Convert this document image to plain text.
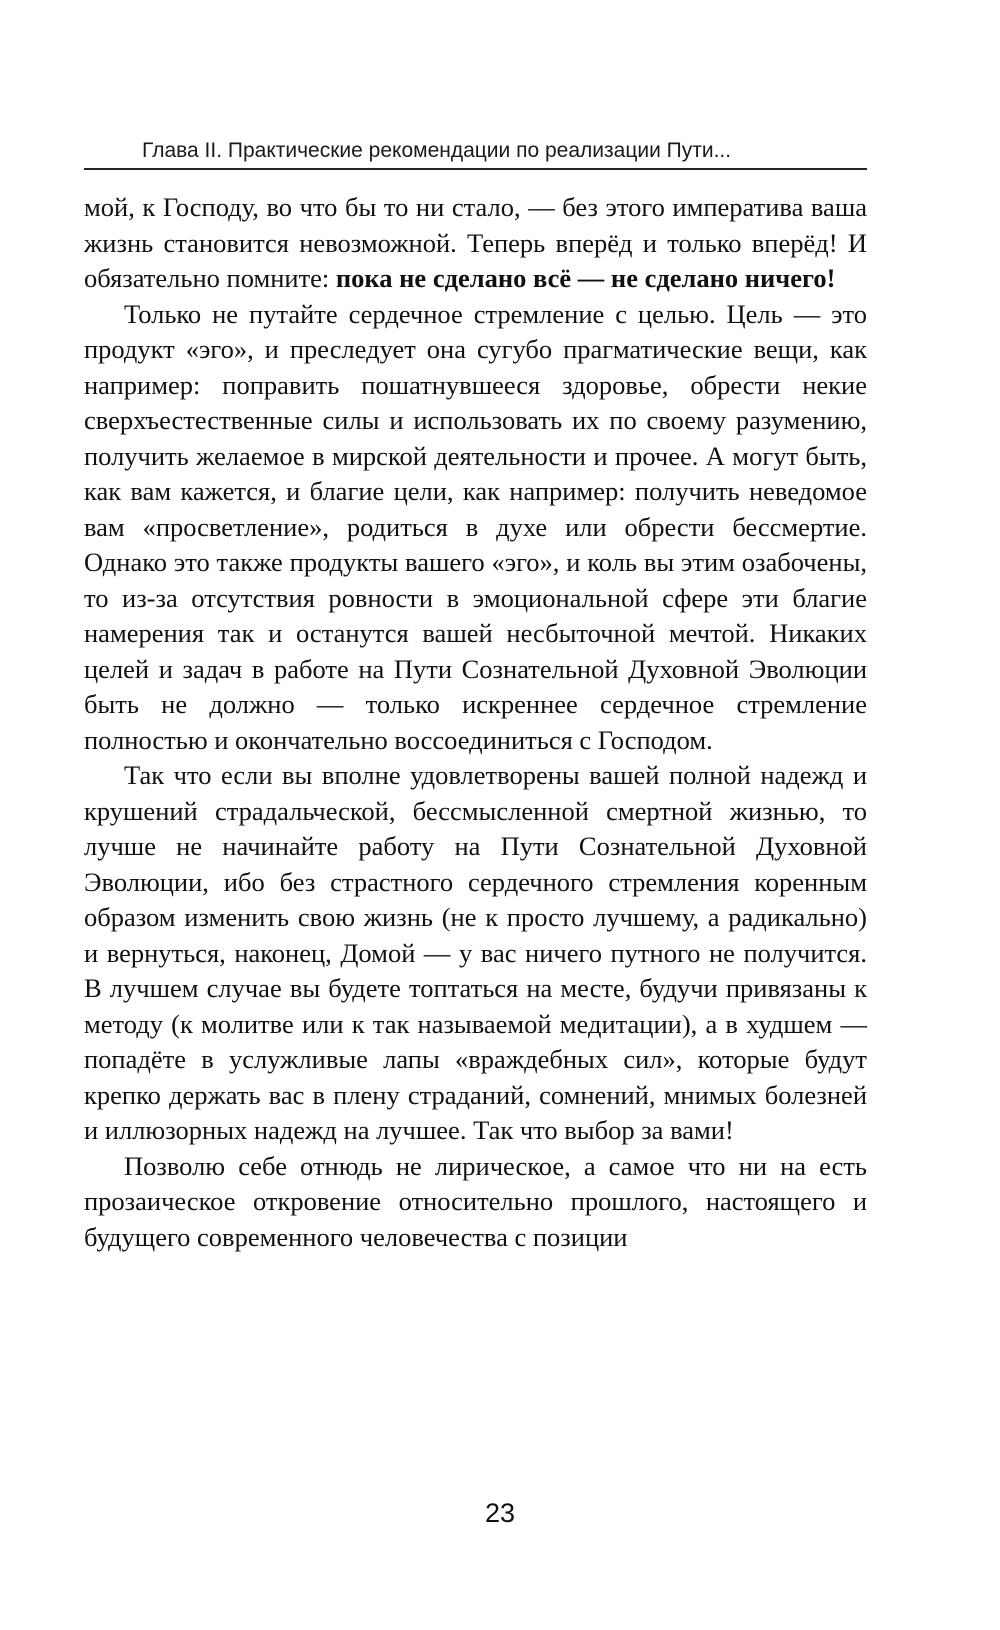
Глава II. Практические рекомендации по реализации Пути...

мой, к Господу, во что бы то ни стало, — без этого императива ваша жизнь становится невозможной. Теперь вперёд и только вперёд! И обязательно помните: пока не сделано всё — не сделано ничего!

Только не путайте сердечное стремление с целью. Цель — это продукт «эго», и преследует она сугубо прагматические вещи, как например: поправить пошатнувшееся здоровье, обрести некие сверхъестественные силы и использовать их по своему разумению, получить желаемое в мирской деятельности и прочее. А могут быть, как вам кажется, и благие цели, как например: получить неведомое вам «просветление», родиться в духе или обрести бессмертие. Однако это также продукты вашего «эго», и коль вы этим озабочены, то из-за отсутствия ровности в эмоциональной сфере эти благие намерения так и останутся вашей несбыточной мечтой. Никаких целей и задач в работе на Пути Сознательной Духовной Эволюции быть не должно — только искреннее сердечное стремление полностью и окончательно воссоединиться с Господом.

Так что если вы вполне удовлетворены вашей полной надежд и крушений страдальческой, бессмысленной смертной жизнью, то лучше не начинайте работу на Пути Сознательной Духовной Эволюции, ибо без страстного сердечного стремления коренным образом изменить свою жизнь (не к просто лучшему, а радикально) и вернуться, наконец, Домой — у вас ничего путного не получится. В лучшем случае вы будете топтаться на месте, будучи привязаны к методу (к молитве или к так называемой медитации), а в худшем — попадёте в услужливые лапы «враждебных сил», которые будут крепко держать вас в плену страданий, сомнений, мнимых болезней и иллюзорных надежд на лучшее. Так что выбор за вами!

Позволю себе отнюдь не лирическое, а самое что ни на есть прозаическое откровение относительно прошлого, настоящего и будущего современного человечества с позиции

23
